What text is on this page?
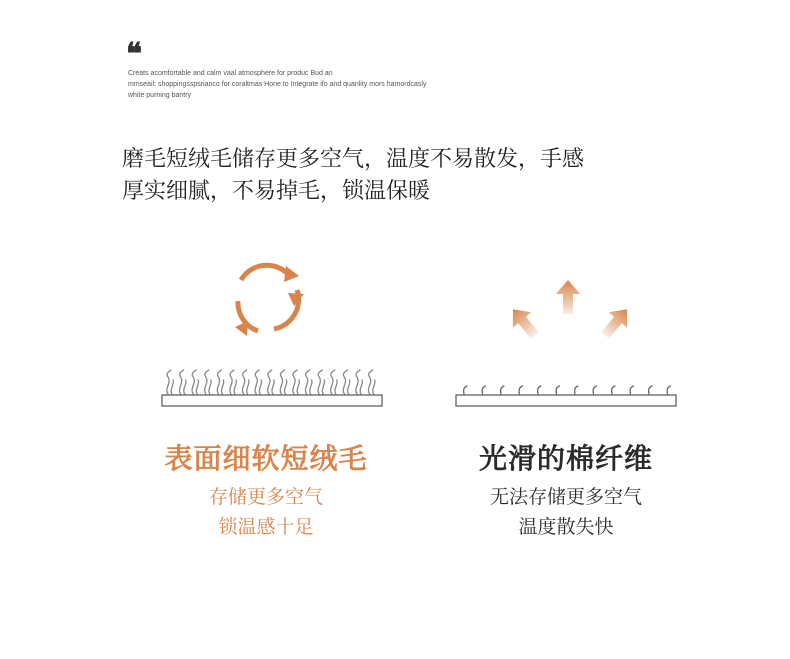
❝
Creats acomfortable and calm vaal atmosphere for produc Bud an
mmseail: shoppingsspsrianco for coraltmas Hone to Integrate ifo and quanlity mors hamordcasly
white purning bantry
磨毛短绒毛储存更多空气，温度不易散发，手感
厚实细腻，不易掉毛，锁温保暖
表面细软短绒毛
存储更多空气
锁温感十足
光滑的棉纤维
无法存储更多空气
温度散失快
